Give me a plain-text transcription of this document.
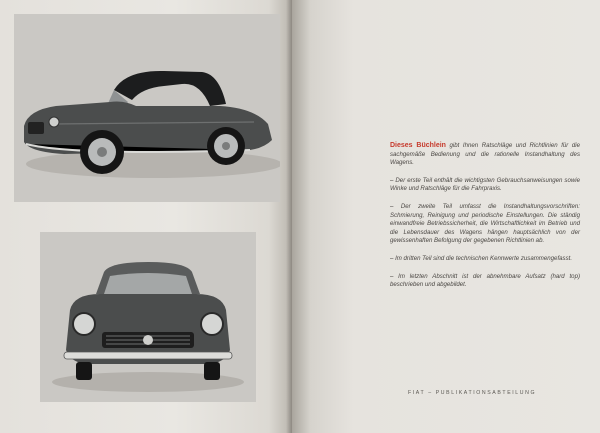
Dieses Büchlein gibt Ihnen Ratschläge und Richtlinien für die sachgemäße Bedienung und die rationelle Instandhaltung des Wagens.

– Der erste Teil enthält die wichtigsten Gebrauchsanweisungen sowie Winke und Ratschläge für die Fahrpraxis.

– Der zweite Teil umfasst die Instandhaltungsvorschriften: Schmierung, Reinigung und periodische Einstellungen. Die ständig einwandfreie Betriebssicherheit, die Wirtschaftlichkeit im Betrieb und die Lebensdauer des Wagens hängen hauptsächlich von der gewissenhaften Befolgung der gegebenen Richtlinien ab.

– Im dritten Teil sind die technischen Kennwerte zusammengefasst.

– Im letzten Abschnitt ist der abnehmbare Aufsatz (hard top) beschrieben und abgebildet.

FIAT – PUBLIKATIONSABTEILUNG
